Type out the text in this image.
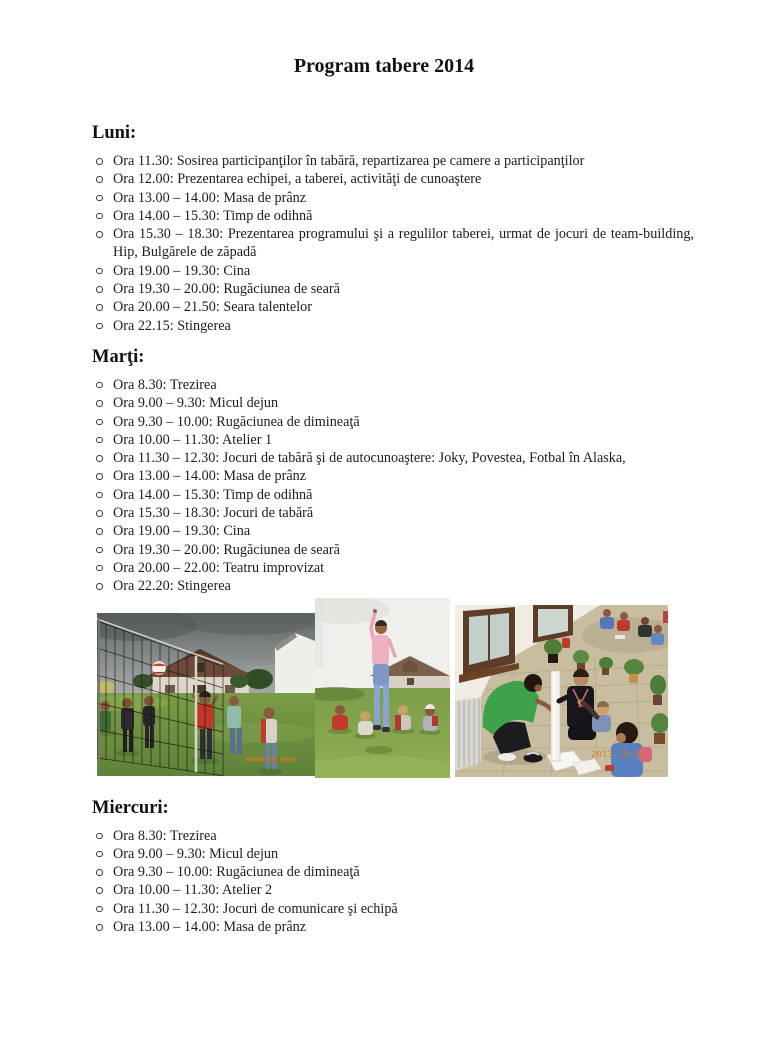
Program tabere 2014
Luni:
Ora 11.30: Sosirea participanţilor în tabără, repartizarea pe camere a participanţilor
Ora 12.00: Prezentarea echipei, a taberei, activităţi de cunoaştere
Ora 13.00 – 14.00: Masa de prânz
Ora 14.00 – 15.30: Timp de odihnă
Ora 15.30 – 18.30: Prezentarea programului şi a regulilor taberei, urmat de jocuri de team-building, Hip, Bulgărele de zăpadă
Ora 19.00 – 19.30: Cina
Ora 19.30 – 20.00: Rugăciunea de seară
Ora 20.00 – 21.50: Seara talentelor
Ora 22.15: Stingerea
Marţi:
Ora 8.30: Trezirea
Ora 9.00 – 9.30: Micul dejun
Ora 9.30 – 10.00: Rugăciunea de dimineaţă
Ora 10.00 – 11.30: Atelier 1
Ora 11.30 – 12.30: Jocuri de tabără şi de autocunoaştere: Joky, Povestea, Fotbal în Alaska,
Ora 13.00 – 14.00: Masa de prânz
Ora 14.00 – 15.30: Timp de odihnă
Ora 15.30 – 18.30: Jocuri de tabără
Ora 19.00 – 19.30: Cina
Ora 19.30 – 20.00: Rugăciunea de seară
Ora 20.00 – 22.00: Teatru improvizat
Ora 22.20: Stingerea
2013 10:20
Miercuri:
Ora 8.30: Trezirea
Ora 9.00 – 9.30: Micul dejun
Ora 9.30 – 10.00: Rugăciunea de dimineaţă
Ora 10.00 – 11.30: Atelier 2
Ora 11.30 – 12.30: Jocuri de comunicare şi echipă
Ora 13.00 – 14.00: Masa de prânz
